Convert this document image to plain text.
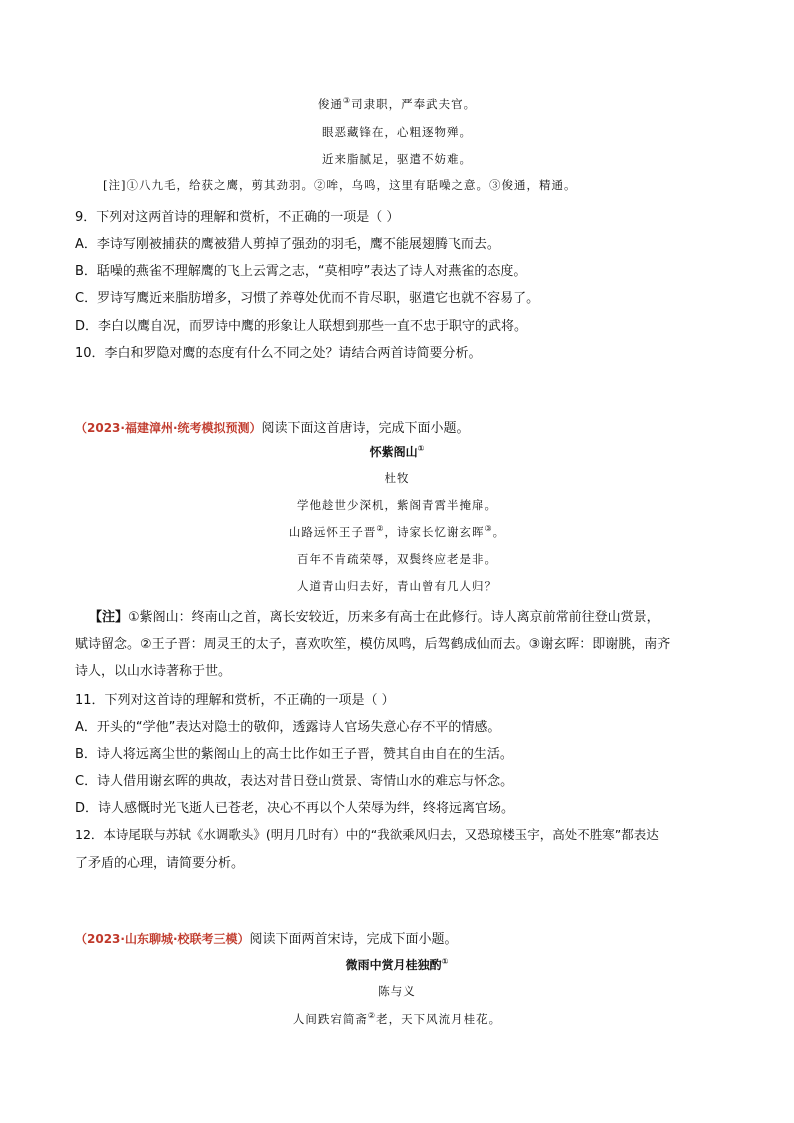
俊通③司隶职，严奉武夫官。
眼恶藏锋在，心粗逐物殚。
近来脂腻足，驱遣不妨难。
[注]①八九毛，给获之鹰，剪其劲羽。②哞，乌鸣，这里有聒噪之意。③俊通，精通。
9．下列对这两首诗的理解和赏析，不正确的一项是（ ）
A．李诗写刚被捕获的鹰被猎人剪掉了强劲的羽毛，鹰不能展翅腾飞而去。
B．聒噪的燕雀不理解鹰的飞上云霄之志，“莫相哼”表达了诗人对燕雀的态度。
C．罗诗写鹰近来脂肪增多，习惯了养尊处优而不肯尽职，驱遣它也就不容易了。
D．李白以鹰自况，而罗诗中鹰的形象让人联想到那些一直不忠于职守的武将。
10．李白和罗隐对鹰的态度有什么不同之处？请结合两首诗简要分析。
（2023·福建漳州·统考模拟预测）阅读下面这首唐诗，完成下面小题。
怀紫阁山①
杜牧
学他趁世少深机，紫阁青霄半掩扉。
山路远怀王子晋②，诗家长忆谢玄晖③。
百年不肯疏荣辱，双鬓终应老是非。
人道青山归去好，青山曾有几人归？
【注】①紫阁山：终南山之首，离长安较近，历来多有高士在此修行。诗人离京前常前往登山赏景，
赋诗留念。②王子晋：周灵王的太子，喜欢吹笙，模仿凤鸣，后驾鹤成仙而去。③谢玄晖：即谢朓，南齐
诗人，以山水诗著称于世。
11．下列对这首诗的理解和赏析，不正确的一项是（ ）
A．开头的“学他”表达对隐士的敬仰，透露诗人官场失意心存不平的情感。
B．诗人将远离尘世的紫阁山上的高士比作如王子晋，赞其自由自在的生活。
C．诗人借用谢玄晖的典故，表达对昔日登山赏景、寄情山水的难忘与怀念。
D．诗人感慨时光飞逝人已苍老，决心不再以个人荣辱为绊，终将远离官场。
12．本诗尾联与苏轼《水调歌头》(明月几时有）中的“我欲乘风归去，又恐琼楼玉宇，高处不胜寒”都表达
了矛盾的心理，请简要分析。
（2023·山东聊城·校联考三模）阅读下面两首宋诗，完成下面小题。
微雨中赏月桂独酌①
陈与义
人间跌宕简斋②老，天下风流月桂花。
